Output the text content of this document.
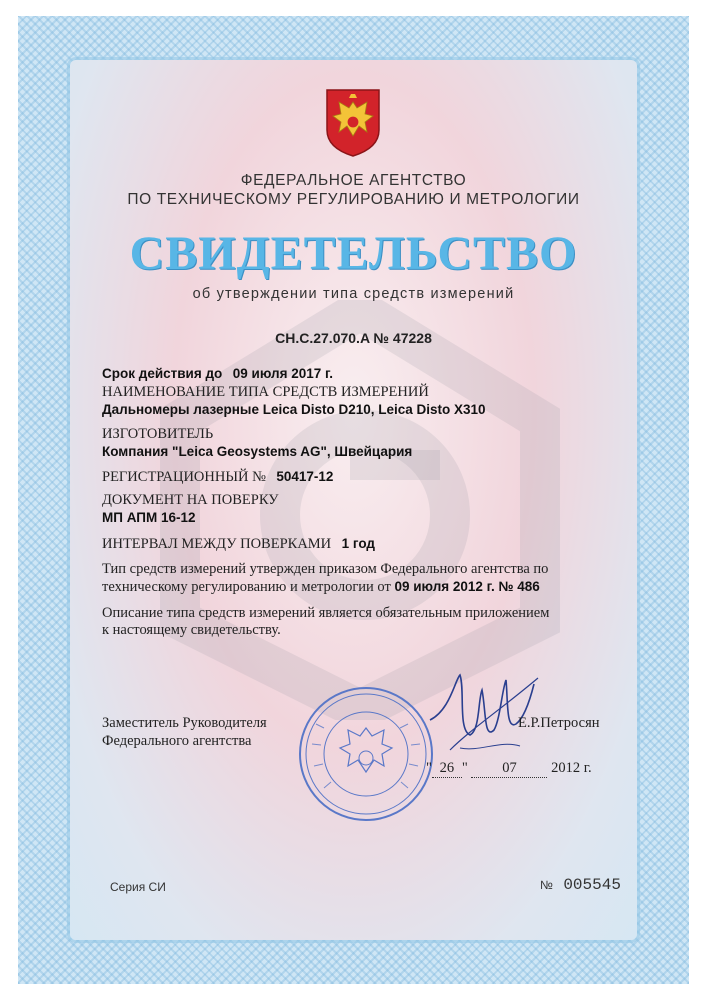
ФЕДЕРАЛЬНОЕ АГЕНТСТВО
ПО ТЕХНИЧЕСКОМУ РЕГУЛИРОВАНИЮ И МЕТРОЛОГИИ
СВИДЕТЕЛЬСТВО
об утверждении типа средств измерений
CH.C.27.070.A № 47228
Срок действия до 09 июля 2017 г.
НАИМЕНОВАНИЕ ТИПА СРЕДСТВ ИЗМЕРЕНИЙ
Дальномеры лазерные Leica Disto D210, Leica Disto X310
ИЗГОТОВИТЕЛЬ
Компания "Leica Geosystems AG", Швейцария
РЕГИСТРАЦИОННЫЙ № 50417-12
ДОКУМЕНТ НА ПОВЕРКУ
МП АПМ 16-12
ИНТЕРВАЛ МЕЖДУ ПОВЕРКАМИ 1 год
Тип средств измерений утвержден приказом Федерального агентства по
техническому регулированию и метрологии от 09 июля 2012 г. № 486
Описание типа средств измерений является обязательным приложением
к настоящему свидетельству.
Заместитель Руководителя
Федерального агентства
Е.Р.Петросян
" 26 " 07 2012 г.
Серия СИ	№ 005545
